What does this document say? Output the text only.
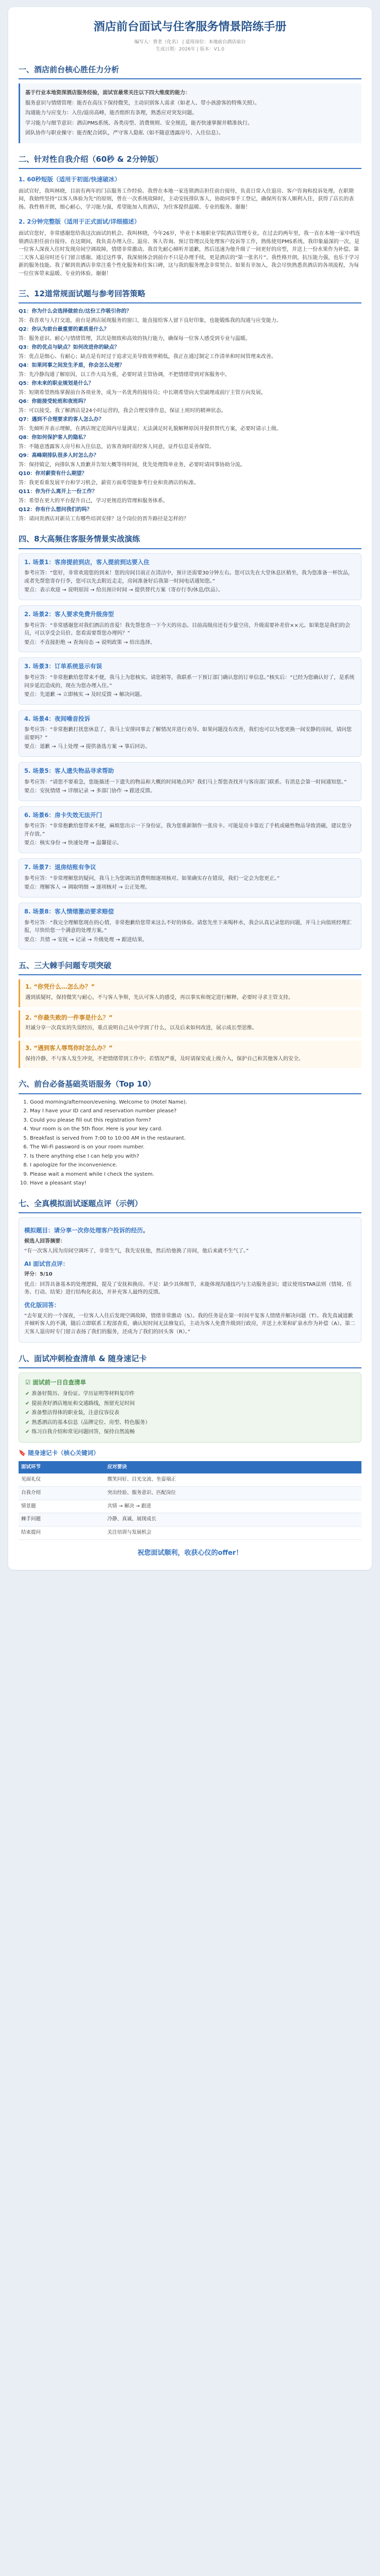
酒店前台面试与住客服务情景陪练手册
编写人：曾老（化名） | 适用岗位：本地前台酒店前台
生成日期：2026年 | 版本：V1.0
一、酒店前台核心胜任力分析

基于行业本地资深酒店服务经验，面试官最常关注以下四大维度的能力：

服务意识与情绪管理：能否在高压下保持微笑，主动识别客人需求（如老人、带小孩游客的特殊关照）。

沟通能力与应变力：入住/退房高峰，能否组织有条理，熟悉应对突发问题。

学习能力与细节意识：酒店PMS系统、各类房型、消费规则、安全规范，能否快速掌握并精准执行。

团队协作与职业操守：能否配合团队，严守客人隐私（如不随意透露房号、入住信息）。

二、针对性自我介绍（60秒 & 2分钟版）
1. 60秒短版（适用于初面/快速破冰）

面试官好，我叫林晓，目前有两年的门店服务工作经验。我曾在本地一家连锁酒店担任前台接待，负责日常入住退房、客户咨询和投诉处理。在职期间，我始终坚持“以客人体验为先”的原则，曾在一次系统故障时，主动安抚排队客人，协助同事手工登记，确保所有客人顺利入住，获得了店长的表扬。我性格开朗，细心耐心，学习能力强，希望能加入贵酒店，为住客提供温暖、专业的服务。谢谢！

2. 2分钟完整版（适用于正式面试/详细描述）

面试官您好，非常感谢您给我这次面试的机会。我叫林晓，今年26岁，毕业于本地职业学院酒店管理专业。在过去的两年里，我一直在本地一家中档连锁酒店担任前台接待。在这期间，我负责办理入住、退房、客人咨询、预订管理以及处理客户投诉等工作，熟练使用PMS系统。我印象最深的一次，是一位客人深夜入住时发现房间空调故障，情绪非常激动。我首先耐心倾听并道歉，然后迅速为他升级了一间更好的房型，并送上一份水果作为补偿。第二天客人退房时还专门留言感谢。通过这件事，我深刻体会到前台不只是办理手续，更是酒店的“第一张名片”。我性格开朗，抗压能力强，也乐于学习新的服务技能。我了解到贵酒店非常注重个性化服务和住客口碑，这与我的服务理念非常契合。如果有幸加入，我会尽快熟悉贵酒店的各项流程，为每一位住客带来温暖、专业的体验。谢谢！

三、12道常规面试题与参考回答策略

Q1：你为什么会选择做前台/这份工作吸引你的？

答：我喜欢与人打交道，前台是酒店展现服务的窗口，能直接给客人留下良好印象，也能锻炼我的沟通与应变能力。

Q2：你认为前台最重要的素质是什么？

答：服务意识、耐心与情绪管理，其次是细致和高效的执行能力，确保每一位客人感受到专业与温暖。

Q3：你的优点与缺点？如何改进你的缺点？

答：优点是细心、有耐心；缺点是有时过于追求完美导致效率稍低，我正在通过制定工作清单和时间管理来改善。

Q4：如果同事之间发生矛盾，你会怎么处理？

答：先冷静沟通了解原因，以工作大局为重，必要时请主管协调，不把情绪带到对客服务中。

Q5：你未来的职业规划是什么？

答：短期希望熟练掌握前台各项业务，成为一名优秀的接待员；中长期希望向大堂副理或前厅主管方向发展。

Q6：你能接受轮班和夜班吗？

答：可以接受。我了解酒店是24小时运营的，我会合理安排作息，保证上班时的精神状态。

Q7：遇到不合理要求的客人怎么办？

答：先倾听并表示理解，在酒店规定范围内尽量满足；无法满足时礼貌解释原因并提供替代方案，必要时请示上级。

Q8：你如何保护客人的隐私？

答：不随意透露客人房号和入住信息，访客查询时需经客人同意，证件信息妥善保管。

Q9：高峰期排队很多人时怎么办？

答：保持镇定，向排队客人致歉并告知大概等待时间，优先处理简单业务，必要时请同事协助分流。

Q10：你对薪资有什么期望？

答：我更看重发展平台和学习机会，薪资方面希望能参考行业和贵酒店的标准。

Q11：你为什么离开上一份工作？

答：希望在更大的平台提升自己，学习更规范的管理和服务体系。

Q12：你有什么想问我们的吗？

答：请问贵酒店对新员工有哪些培训安排？这个岗位的晋升路径是怎样的？

四、8大高频住客服务情景实战演练
1. 场景1：客房提前到店，客人提前到达要入住

参考应答：“您好，非常欢迎您的到来！您的房间目前正在清洁中，预计还需要30分钟左右。您可以先在大堂休息区稍坐，我为您准备一杯饮品，或者先帮您寄存行李，您可以先去附近走走，房间准备好后我第一时间电话通知您。”

要点：表示欢迎 → 说明原因 → 给出预计时间 → 提供替代方案（寄存行李/休息/饮品）。

2. 场景2：客人要求免费升级房型

参考应答：“非常感谢您对我们酒店的喜爱！我先帮您查一下今天的房态。目前高级房还有少量空房，升级需要补差价××元。如果您是我们的会员，可以享受会员价。您看需要帮您办理吗？”

要点：不直接拒绝 → 查询房态 → 说明政策 → 给出选择。

3. 场景3：订单系统显示有误

参考应答：“非常抱歉给您带来不便，我马上为您核实。请您稍等，我联系一下预订部门确认您的订单信息。”核实后：“已经为您确认好了，是系统同步延迟造成的，现在为您办理入住。”

要点：先道歉 → 立即核实 → 及时反馈 → 解决问题。

4. 场景4：夜间噪音投诉

参考应答：“非常抱歉打扰您休息了，我马上安排同事去了解情况并进行劝导。如果问题没有改善，我们也可以为您更换一间安静的房间，请问您需要吗？”

要点：道歉 → 马上处理 → 提供备选方案 → 事后回访。

5. 场景5：客人遗失物品寻求帮助

参考应答：“请您不要着急，您能描述一下遗失的物品和大概的时间地点吗？我们马上帮您查找并与客房部门联系。有消息会第一时间通知您。”

要点：安抚情绪 → 详细记录 → 多部门协作 → 跟进反馈。

6. 场景6：房卡失效无法开门

参考应答：“非常抱歉给您带来不便，麻烦您出示一下身份证，我为您重新制作一张房卡。可能是房卡靠近了手机或磁性物品导致消磁，建议您分开存放。”

要点：核实身份 → 快速处理 → 温馨提示。

7. 场景7：退房结账有争议

参考应答：“非常理解您的疑问，我马上为您调出消费明细逐项核对。如果确实存在错误，我们一定会为您更正。”

要点：理解客人 → 调取明细 → 逐项核对 → 公正处理。

8. 场景8：客人情绪激动要求赔偿

参考应答：“我完全理解您现在的心情，非常抱歉给您带来这么不好的体验。请您先坐下来喝杯水，我会认真记录您的问题，并马上向值班经理汇报，尽快给您一个满意的处理方案。”

要点：共情 → 安抚 → 记录 → 升级处理 → 跟进结果。

五、三大棘手问题专项突破
1. “你凭什么…怎么办？”

遇到质疑时，保持微笑与耐心，不与客人争辩，先认可客人的感受，再以事实和规定进行解释，必要时寻求主管支持。

2. “你最失败的一件事是什么？”

坦诚分享一次真实的失误经历，重点说明自己从中学到了什么，以及后来如何改进，展示成长型思维。

3. “遇到客人辱骂你时怎么办？”

保持冷静，不与客人发生冲突，不把情绪带到工作中；若情况严重，及时请保安或上级介入，保护自己和其他客人的安全。

六、前台必备基础英语服务（Top 10）
1. Good morning/afternoon/evening. Welcome to (Hotel Name).
2. May I have your ID card and reservation number please?
3. Could you please fill out this registration form?
4. Your room is on the 5th floor. Here is your key card.
5. Breakfast is served from 7:00 to 10:00 AM in the restaurant.
6. The Wi-Fi password is on your room number.
7. Is there anything else I can help you with?
8. I apologize for the inconvenience.
9. Please wait a moment while I check the system.
10. Have a pleasant stay!
七、全真模拟面试逐题点评（示例）
模拟题目：请分享一次你处理客户投诉的经历。

候选人回答摘要：

“有一次客人因为房间空调坏了，非常生气，我先安抚他，然后给他换了房间，他后来就不生气了。”

AI 面试官点评：

评分：5/10

优点：回答具备基本的处理逻辑，提及了安抚和换房。不足：缺少具体细节，未能体现沟通技巧与主动服务意识；建议使用STAR法则（情境、任务、行动、结果）进行结构化表达，并补充客人最终的反馈。

优化版回答：

“去年夏天的一个深夜，一位客人入住后发现空调故障，情绪非常激动（S）。我的任务是在第一时间平复客人情绪并解决问题（T）。我先真诚道歉并倾听客人的不满，随后立即联系工程部查看，确认短时间无法修复后，主动为客人免费升级到行政房，并送上水果和矿泉水作为补偿（A）。第二天客人退房时专门留言表扬了我们的服务，还成为了我们的回头客（R）。”

八、面试冲刺检查清单 & 随身速记卡
☑ 面试前一日自查清单
✔ 准备好简历、身份证、学历证明等材料复印件
✔ 提前查好酒店地址和交通路线，预留充足时间
✔ 准备整洁得体的职业装，注意仪容仪表
✔ 熟悉酒店的基本信息（品牌定位、房型、特色服务）
✔ 练习自我介绍和常见问题回答，保持自然流畅
🔖 随身速记卡（核心关键词）
面试环节	应对要诀
见面礼仪	微笑问好、目光交流、坐姿端正
自我介绍	突出经验、服务意识、匹配岗位
情景题	共情 → 解决 → 跟进
棘手问题	冷静、真诚、展现成长
结束提问	关注培训与发展机会
祝您面试顺利，收获心仪的offer！
